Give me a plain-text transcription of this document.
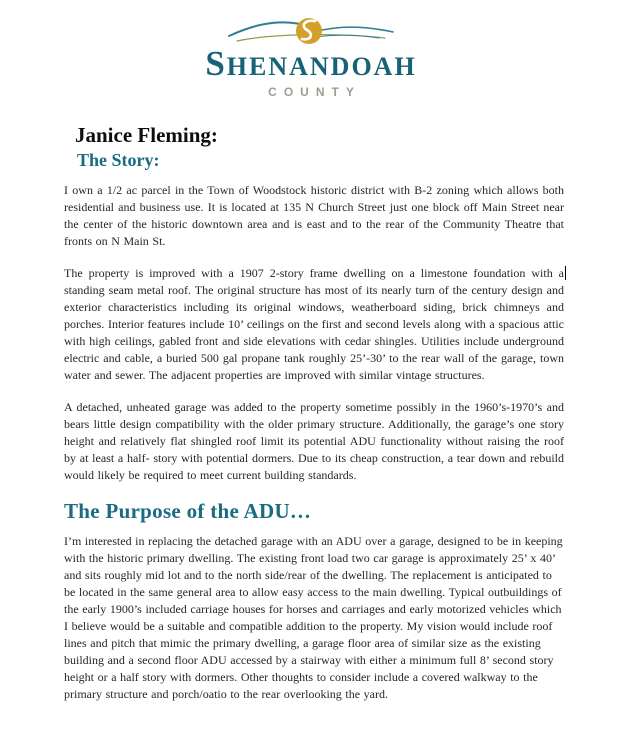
SHENANDOAH
COUNTY
Janice Fleming:
The Story:

I own a 1/2 ac parcel in the Town of Woodstock historic district with B-2 zoning which allows both residential and business use. It is located at 135 N Church Street just one block off Main Street near the center of the historic downtown area and is east and to the rear of the Community Theatre that fronts on N Main St.

The property is improved with a 1907 2-story frame dwelling on a limestone foundation with a standing seam metal roof. The original structure has most of its nearly turn of the century design and exterior characteristics including its original windows, weatherboard siding, brick chimneys and porches. Interior features include 10’ ceilings on the first and second levels along with a spacious attic with high ceilings, gabled front and side elevations with cedar shingles. Utilities include underground electric and cable, a buried 500 gal propane tank roughly 25’-30’ to the rear wall of the garage, town water and sewer. The adjacent properties are improved with similar vintage structures.

A detached, unheated garage was added to the property sometime possibly in the 1960’s-1970’s and bears little design compatibility with the older primary structure. Additionally, the garage’s one story height and relatively flat shingled roof limit its potential ADU functionality without raising the roof by at least a half- story with potential dormers. Due to its cheap construction, a tear down and rebuild would likely be required to meet current building standards.

The Purpose of the ADU…

I’m interested in replacing the detached garage with an ADU over a garage, designed to be in keeping with the historic primary dwelling. The existing front load two car garage is approximately 25’ x 40’ and sits roughly mid lot and to the north side/rear of the dwelling. The replacement is anticipated to be located in the same general area to allow easy access to the main dwelling. Typical outbuildings of the early 1900’s included carriage houses for horses and carriages and early motorized vehicles which I believe would be a suitable and compatible addition to the property. My vision would include roof lines and pitch that mimic the primary dwelling, a garage floor area of similar size as the existing building and a second floor ADU accessed by a stairway with either a minimum full 8’ second story height or a half story with dormers. Other thoughts to consider include a covered walkway to the primary structure and porch/oatio to the rear overlooking the yard.
